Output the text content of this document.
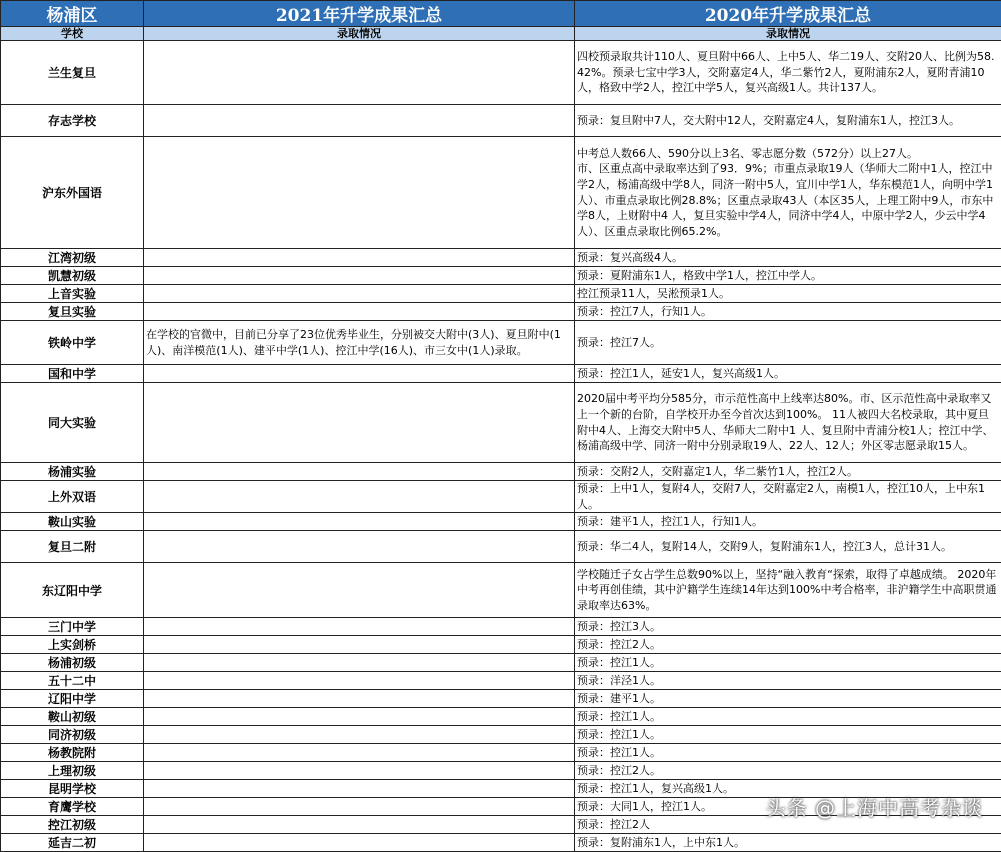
杨浦区	2021年升学成果汇总	2020年升学成果汇总
学校	录取情况	录取情况
兰生复旦		四校预录取共计110人、夏旦附中66人、上中5人、华二19人、交附20人、比例为58.42%。预录七宝中学3人，交附嘉定4人，华二紫竹2人，夏附浦东2人，夏附青浦10人，格致中学2人，控江中学5人，复兴高级1人。共计137人。
存志学校		预录：复旦附中7人，交大附中12人，交附嘉定4人，复附浦东1人，控江3人。
沪东外国语		中考总人数66人、590分以上3名、零志愿分数（572分）以上27人。
市、区重点高中录取率达到了93．9%；市重点录取19人（华师大二附中1人，控江中学2人，杨浦高级中学8人，同济一附中5人，宜川中学1人，华东模范1人，向明中学1人）、市重点录取比例28.8%；区重点录取43人（本区35人，上理工附中9人，市东中学8人，上财附中4 人，复旦实验中学4人，同济中学4人，中原中学2人，少云中学4人）、区重点录取比例65.2%。
江湾初级		预录：复兴高级4人。
凯慧初级		预录：夏附浦东1人，格致中学1人，控江中学人。
上音实验		控江预录11人，吴淞预录1人。
复旦实验		预录：控江7人，行知1人。
铁岭中学	在学校的官微中，目前已分享了23位优秀毕业生，分别被交大附中(3人)、夏旦附中(1人)、南洋模范(1人)、建平中学(1人)、控江中学(16人)、市三女中(1人)录取。	预录：控江7人。
国和中学		预录：控江1人，延安1人，复兴高级1人。
同大实验		2020届中考平均分585分，市示范性高中上线率达80%。市、区示范性高中录取率又上一个新的台阶，自学校开办至今首次达到100%。 11人被四大名校录取，其中夏旦附中4人、上海交大附中5人、华师大二附中1 人、复旦附中青浦分校1人；控江中学、杨浦高级中学、同济一附中分别录取19人、22人、12人；外区零志愿录取15人。
杨浦实验		预录：交附2人，交附嘉定1人，华二紫竹1人，控江2人。
上外双语		预录：上中1人，复附4人，交附7人，交附嘉定2人，南模1人，控江10人，上中东1人。
鞍山实验		预录：建平1人，控江1人，行知1人。
复旦二附		预录：华二4人，复附14人，交附9人，复附浦东1人，控江3人，总计31人。
东辽阳中学		学校随迁子女占学生总数90%以上，坚持“融入教育“探索，取得了卓越成绩。 2020年中考再创佳绩，其中沪籍学生连续14年达到100%中考合格率，非沪籍学生中高职贯通录取率达63%。
三门中学		预录：控江3人。
上实剑桥		预录：控江2人。
杨浦初级		预录：控江1人。
五十二中		预录：洋泾1人。
辽阳中学		预录：建平1人。
鞍山初级		预录：控江1人。
同济初级		预录：控江1人。
杨教院附		预录：控江1人。
上理初级		预录：控江2人。
昆明学校		预录：控江1人，复兴高级1人。
育鹰学校		预录：大同1人，控江1人。
控江初级		预录：控江2人
延吉二初		预录：复附浦东1人，上中东1人。
头条 @上海中高考杂谈
